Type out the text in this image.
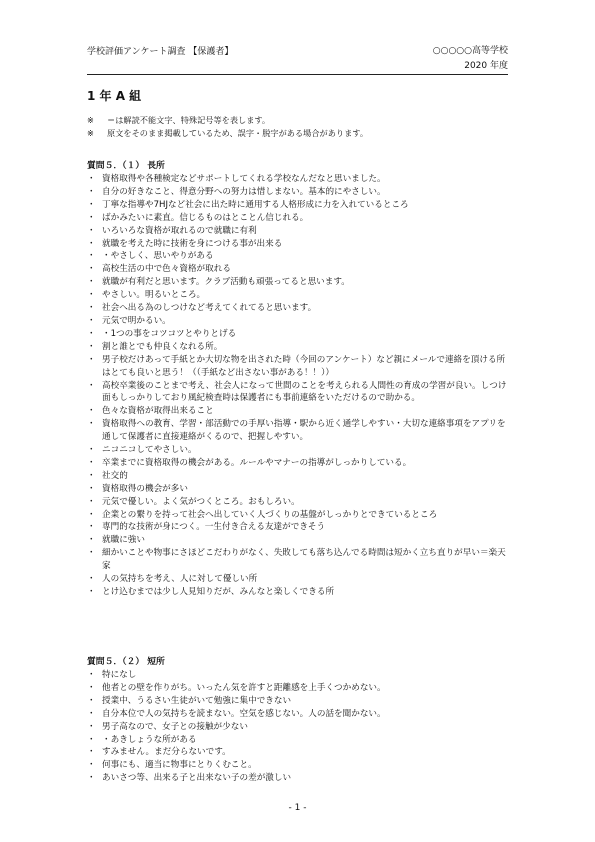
学校評価アンケート調査 【保護者】	○○○○○高等学校
2020 年度
1 年 A 組
※	＝は解読不能文字、特殊記号等を表します。
※	原文をそのまま掲載しているため、誤字・脱字がある場合があります。
質問５．（１） 長所
・ 資格取得や各種検定などサポートしてくれる学校なんだなと思いました。
・ 自分の好きなこと、得意分野への努力は惜しまない。基本的にやさしい。
・ 丁寧な指導や7HJなど社会に出た時に通用する人格形成に力を入れているところ
・ ばかみたいに素直。信じるものはとことん信じれる。
・ いろいろな資格が取れるので就職に有利
・ 就職を考えた時に技術を身につける事が出来る
・ ・やさしく、思いやりがある
・ 高校生活の中で色々資格が取れる
・ 就職が有利だと思います。クラブ活動も頑張ってると思います。
・ やさしい。明るいところ。
・ 社会へ出る為のしつけなど考えてくれてると思います。
・ 元気で明かるい。
・ ・1つの事をコツコツとやりとげる
・ 割と誰とでも仲良くなれる所。
・ 男子校だけあって手紙とか大切な物を出された時（今回のアンケート）など親にメールで連絡を頂ける所はとても良いと思う！（（手紙など出さない事がある！！））
・ 高校卒業後のことまで考え、社会人になって世間のことを考えられる人間性の育成の学習が良い。しつけ面もしっかりしており風紀検査時は保護者にも事前連絡をいただけるので助かる。
・ 色々な資格が取得出来ること
・ 資格取得への教育、学習・部活動での手厚い指導・駅から近く通学しやすい・大切な連絡事項をアプリを通して保護者に直接連絡がくるので、把握しやすい。
・ ニコニコしてやさしい。
・ 卒業までに資格取得の機会がある。ルールやマナーの指導がしっかりしている。
・ 社交的
・ 資格取得の機会が多い
・ 元気で優しい。よく気がつくところ。おもしろい。
・ 企業との繋りを持って社会へ出していく人づくりの基盤がしっかりとできているところ
・ 専門的な技術が身につく。一生付き合える友達ができそう
・ 就職に強い
・ 細かいことや物事にさほどこだわりがなく、失敗しても落ち込んでる時間は短かく立ち直りが早い＝楽天家
・ 人の気持ちを考え、人に対して優しい所
・ とけ込むまでは少し人見知りだが、みんなと楽しくできる所
質問５．（２） 短所
・ 特になし
・ 他者との壁を作りがち。いったん気を許すと距離感を上手くつかめない。
・ 授業中、うるさい生徒がいて勉強に集中できない
・ 自分本位で人の気持ちを読まない。空気を感じない。人の話を聞かない。
・ 男子高なので、女子との接触が少ない
・ ・あきしょうな所がある
・ すみません。まだ分らないです。
・ 何事にも、適当に物事にとりくむこと。
・ あいさつ等、出来る子と出来ない子の差が激しい
- 1 -
